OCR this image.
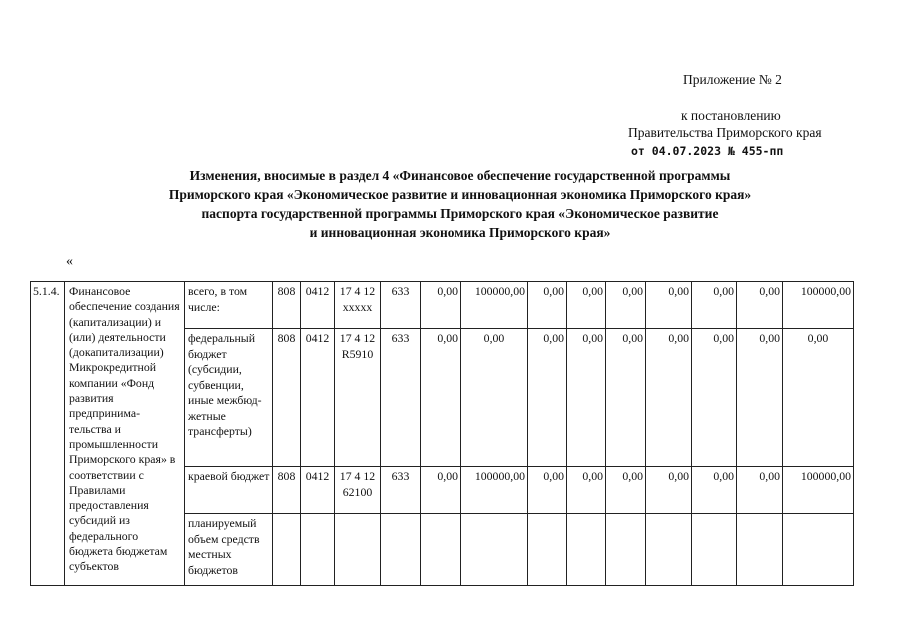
Приложение № 2
к постановлению
Правительства Приморского края
от 04.07.2023 № 455-пп
Изменения, вносимые в раздел 4 «Финансовое обеспечение государственной программы
Приморского края «Экономическое развитие и инновационная экономика Приморского края»
паспорта государственной программы Приморского края «Экономическое развитие
и инновационная экономика Приморского края»
«
5.1.4.	Финансовое обеспечение создания (капитализации) и (или) деятельности (докапитализации) Микрокредитной компании «Фонд развития предпринима-тельства и промышленности Приморского края» в соответствии с Правилами предоставления субсидий из федерального бюджета бюджетам субъектов	всего, в том числе:	808	0412	17 4 12 xxxxx	633	0,00	100000,00	0,00	0,00	0,00	0,00	0,00	0,00	100000,00
		федеральный бюджет (субсидии, субвенции, иные межбюд-жетные трансферты)	808	0412	17 4 12 R5910	633	0,00	0,00	0,00	0,00	0,00	0,00	0,00	0,00	0,00
		краевой бюджет	808	0412	17 4 12 62100	633	0,00	100000,00	0,00	0,00	0,00	0,00	0,00	0,00	100000,00
		планируемый объем средств местных бюджетов													
